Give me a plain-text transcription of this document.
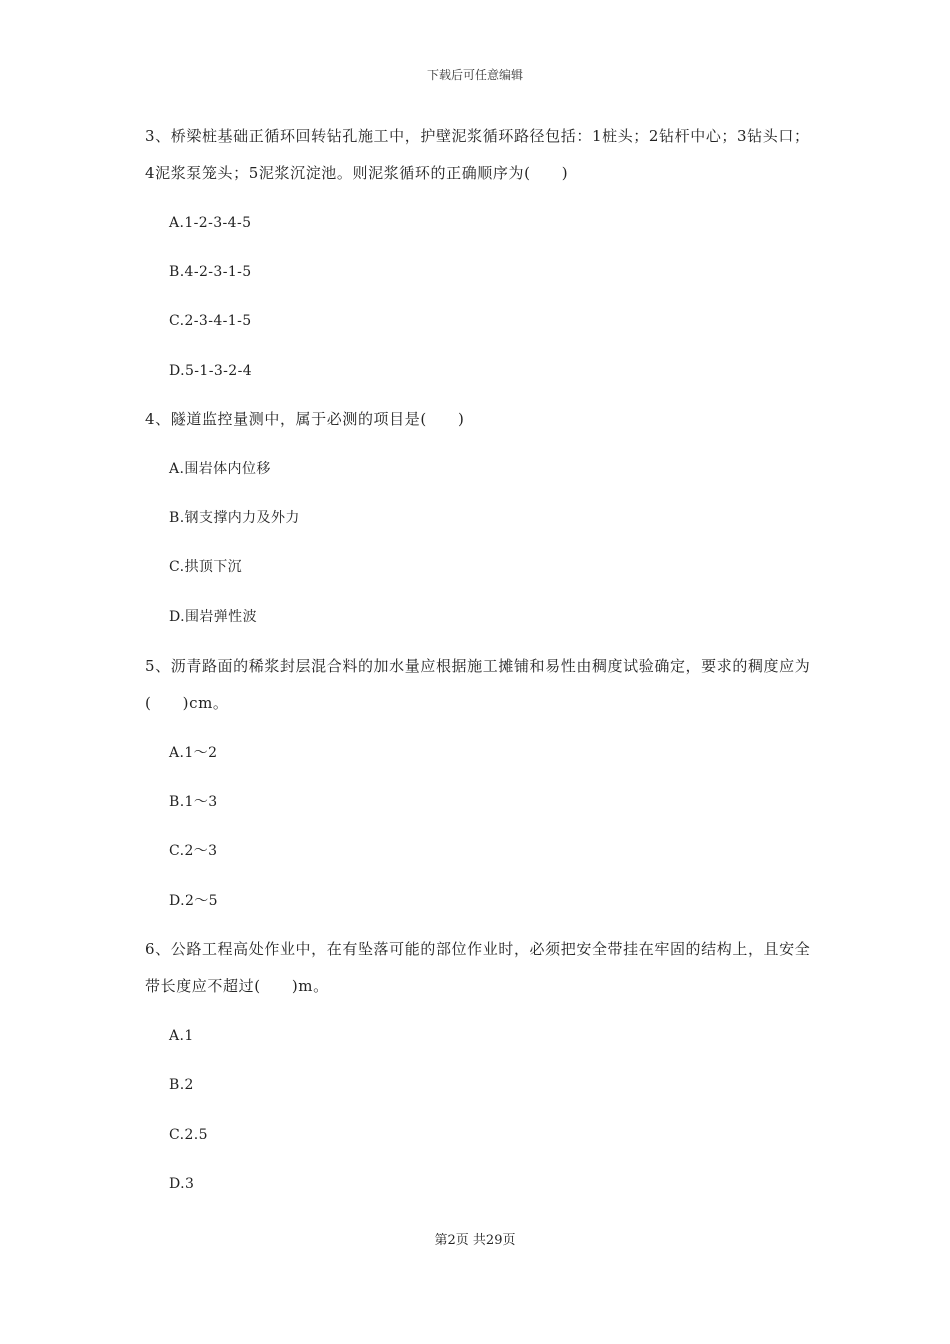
下载后可任意编辑
3、桥梁桩基础正循环回转钻孔施工中，护壁泥浆循环路径包括：1桩头；2钻杆中心；3钻头口；4泥浆泵笼头；5泥浆沉淀池。则泥浆循环的正确顺序为(　　)
A.1-2-3-4-5
B.4-2-3-1-5
C.2-3-4-1-5
D.5-1-3-2-4
4、隧道监控量测中，属于必测的项目是(　　)
A.围岩体内位移
B.钢支撑内力及外力
C.拱顶下沉
D.围岩弹性波
5、沥青路面的稀浆封层混合料的加水量应根据施工摊铺和易性由稠度试验确定，要求的稠度应为(　　)cm。
A.1～2
B.1～3
C.2～3
D.2～5
6、公路工程高处作业中，在有坠落可能的部位作业时，必须把安全带挂在牢固的结构上，且安全带长度应不超过(　　)m。
A.1
B.2
C.2.5
D.3
第2页 共29页
